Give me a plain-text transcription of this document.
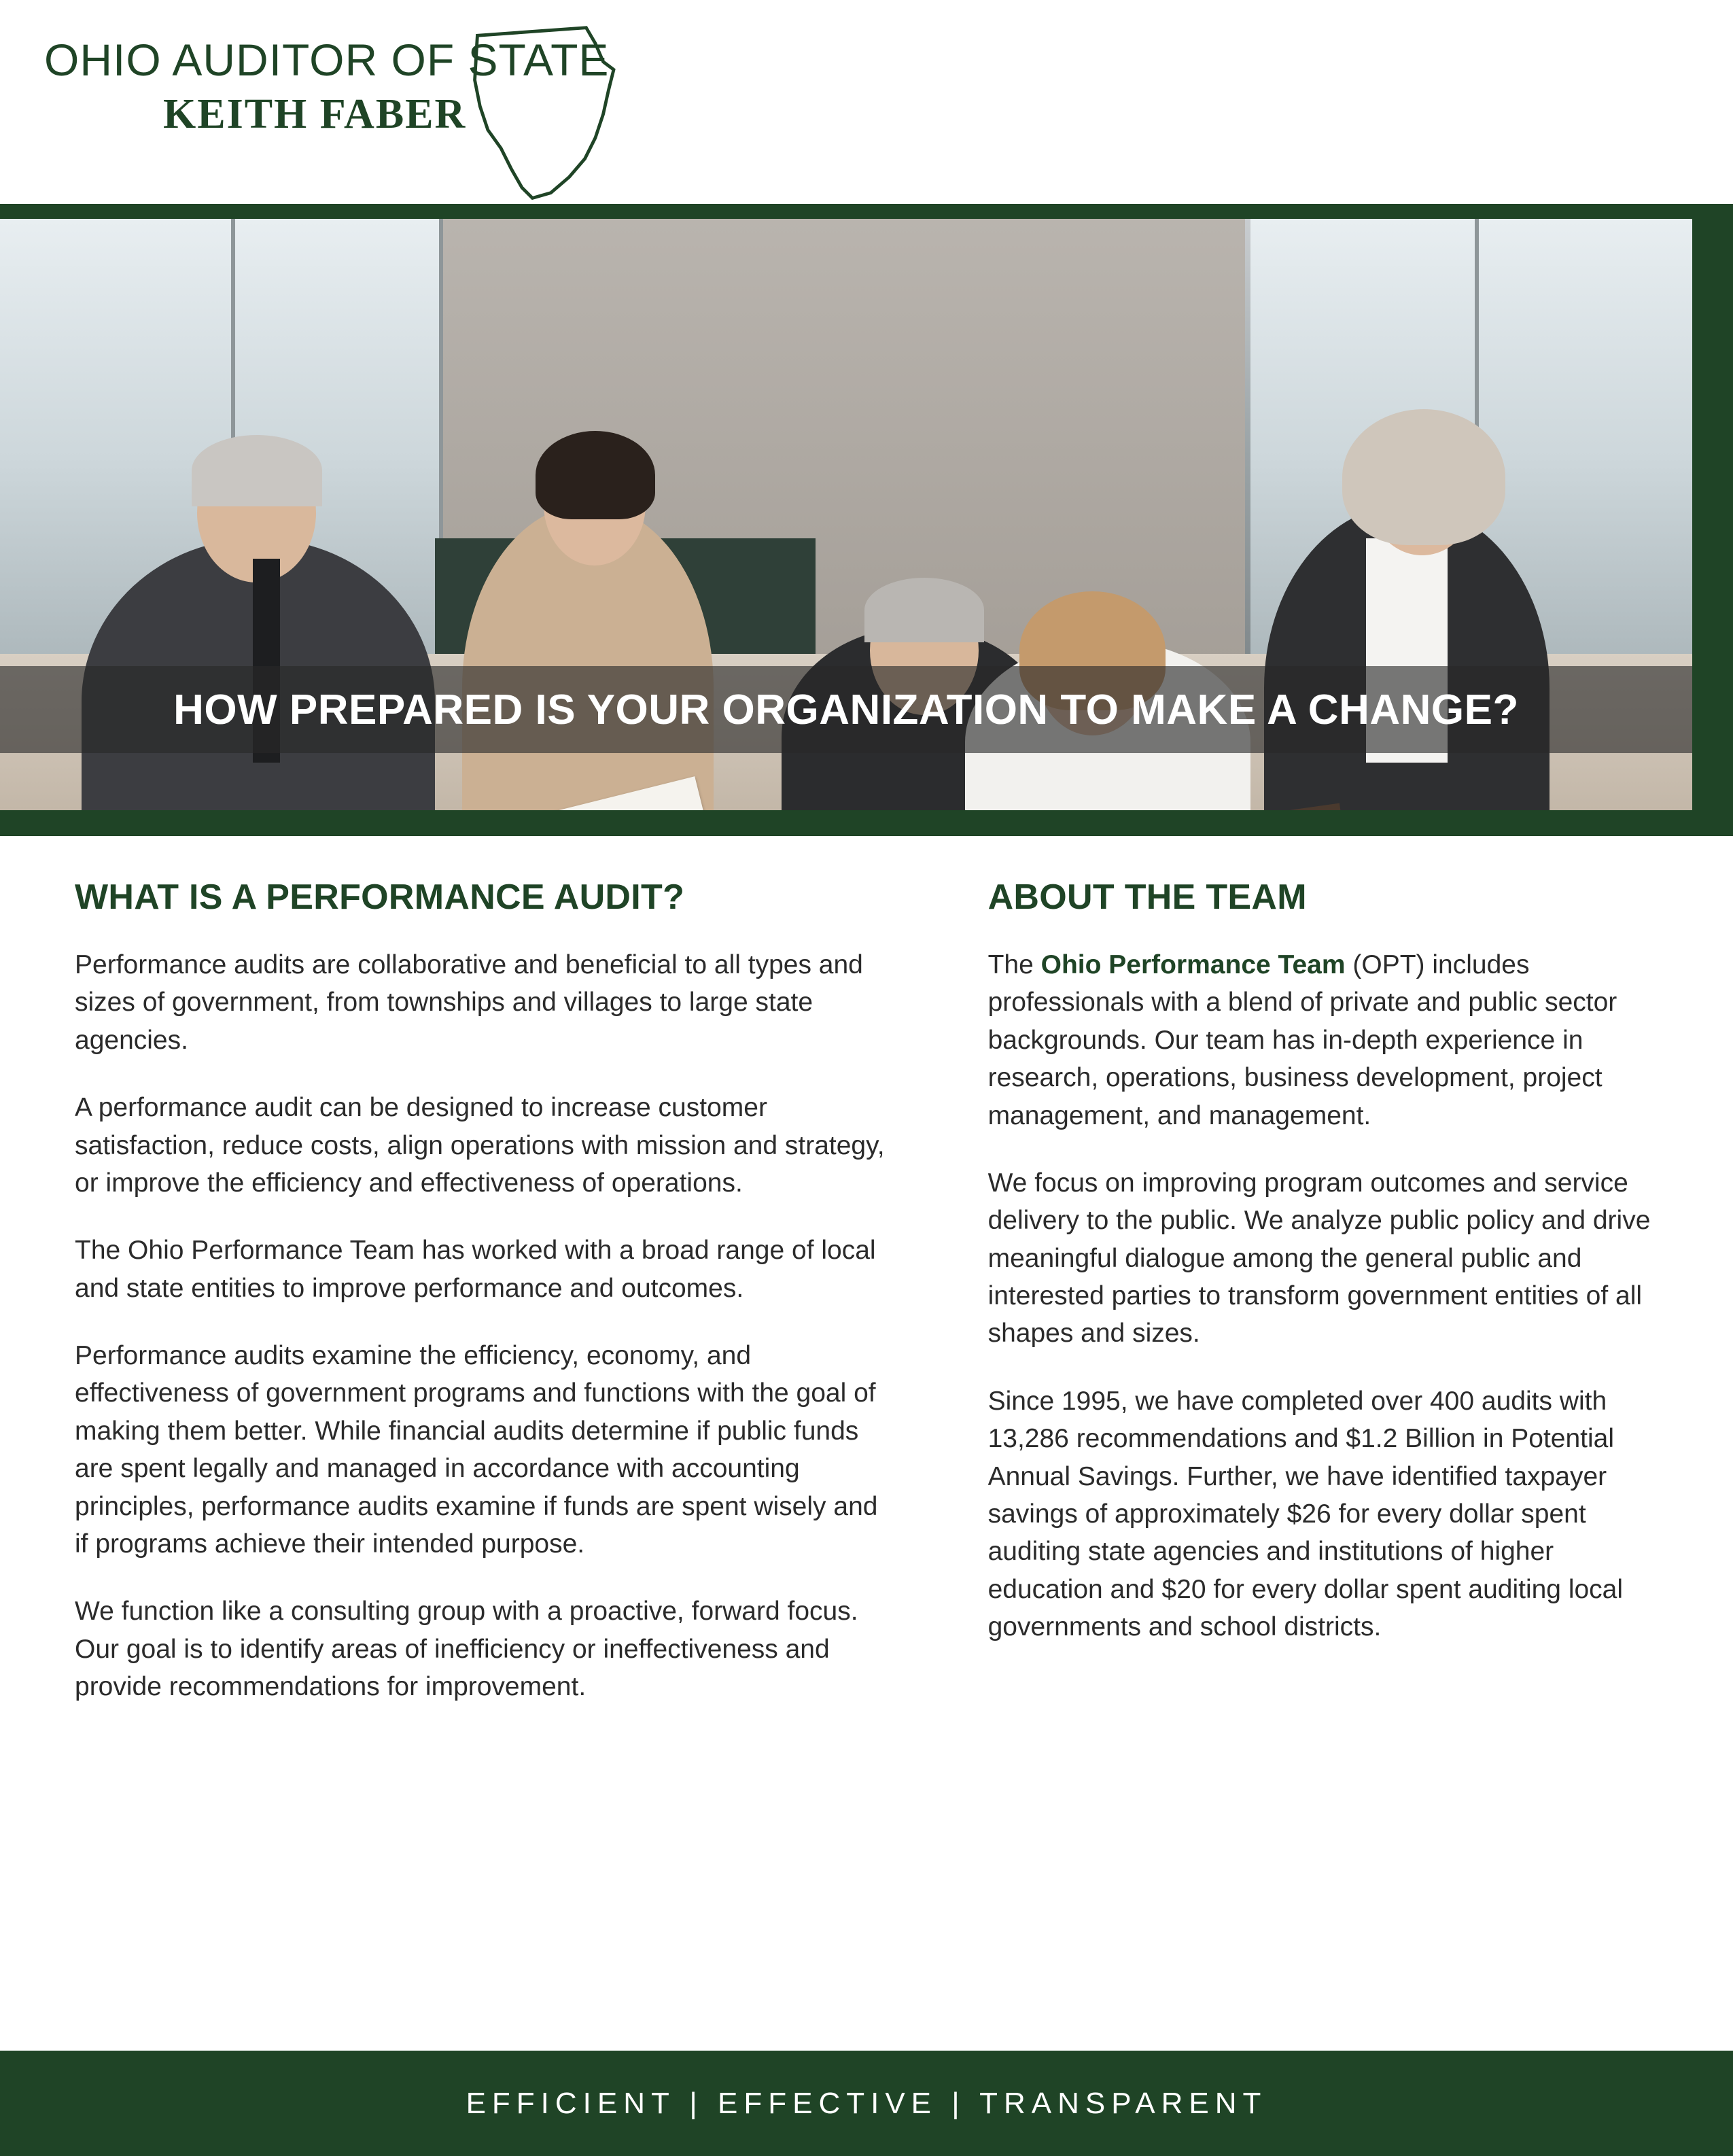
OHIO AUDITOR OF STATE
KEITH FABER
HOW PREPARED IS YOUR ORGANIZATION TO MAKE A CHANGE?
WHAT IS A PERFORMANCE AUDIT?

Performance audits are collaborative and beneficial to all types and sizes of government, from townships and villages to large state agencies.

A performance audit can be designed to increase customer satisfaction, reduce costs, align operations with mission and strategy, or improve the efficiency and effectiveness of operations.

The Ohio Performance Team has worked with a broad range of local and state entities to improve performance and outcomes.

Performance audits examine the efficiency, economy, and effectiveness of government programs and functions with the goal of making them better. While financial audits determine if public funds are spent legally and managed in accordance with accounting principles, performance audits examine if funds are spent wisely and if programs achieve their intended purpose.

We function like a consulting group with a proactive, forward focus. Our goal is to identify areas of inefficiency or ineffectiveness and provide recommendations for improvement.

ABOUT THE TEAM

The Ohio Performance Team (OPT) includes professionals with a blend of private and public sector backgrounds. Our team has in-depth experience in research, operations, business development, project management, and management.

We focus on improving program outcomes and service delivery to the public. We analyze public policy and drive meaningful dialogue among the general public and interested parties to transform government entities of all shapes and sizes.

Since 1995, we have completed over 400 audits with 13,286 recommendations and $1.2 Billion in Potential Annual Savings. Further, we have identified taxpayer savings of approximately $26 for every dollar spent auditing state agencies and institutions of higher education and $20 for every dollar spent auditing local governments and school districts.

EFFICIENT | EFFECTIVE | TRANSPARENT
